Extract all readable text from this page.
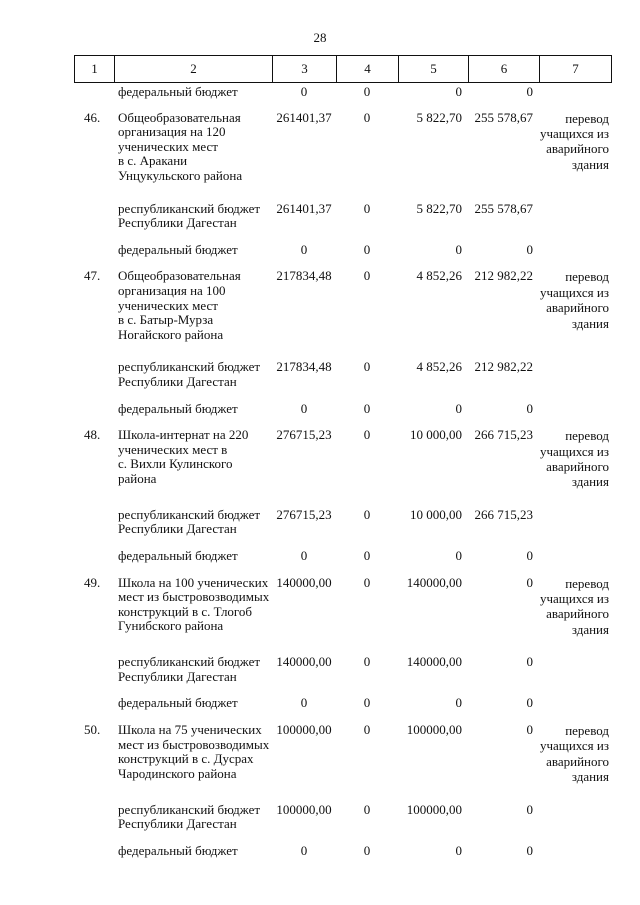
28
1	2	3	4	5	6	7
	федеральный бюджет	0	0	0	0	
46.	Общеобразовательная организация на 120 ученических мест
в с. Аракани
Унцукульского района	261401,37	0	5 822,70	255 578,67	перевод
учащихся из
аварийного
здания
	республиканский бюджет
Республики Дагестан	261401,37	0	5 822,70	255 578,67	
	федеральный бюджет	0	0	0	0	
47.	Общеобразовательная организация на 100 ученических мест
в с. Батыр-Мурза
Ногайского района	217834,48	0	4 852,26	212 982,22	перевод
учащихся из
аварийного
здания
	республиканский бюджет
Республики Дагестан	217834,48	0	4 852,26	212 982,22	
	федеральный бюджет	0	0	0	0	
48.	Школа-интернат на 220 ученических мест в
с. Вихли Кулинского района	276715,23	0	10 000,00	266 715,23	перевод
учащихся из
аварийного
здания
	республиканский бюджет
Республики Дагестан	276715,23	0	10 000,00	266 715,23	
	федеральный бюджет	0	0	0	0	
49.	Школа на 100 ученических мест из быстровозводимых конструкций в с. Тлогоб Гунибского района	140000,00	0	140000,00	0	перевод
учащихся из
аварийного
здания
	республиканский бюджет
Республики Дагестан	140000,00	0	140000,00	0	
	федеральный бюджет	0	0	0	0	
50.	Школа на 75 ученических мест из быстровозводимых конструкций в с. Дусрах Чародинского района	100000,00	0	100000,00	0	перевод
учащихся из
аварийного
здания
	республиканский бюджет
Республики Дагестан	100000,00	0	100000,00	0	
	федеральный бюджет	0	0	0	0	
